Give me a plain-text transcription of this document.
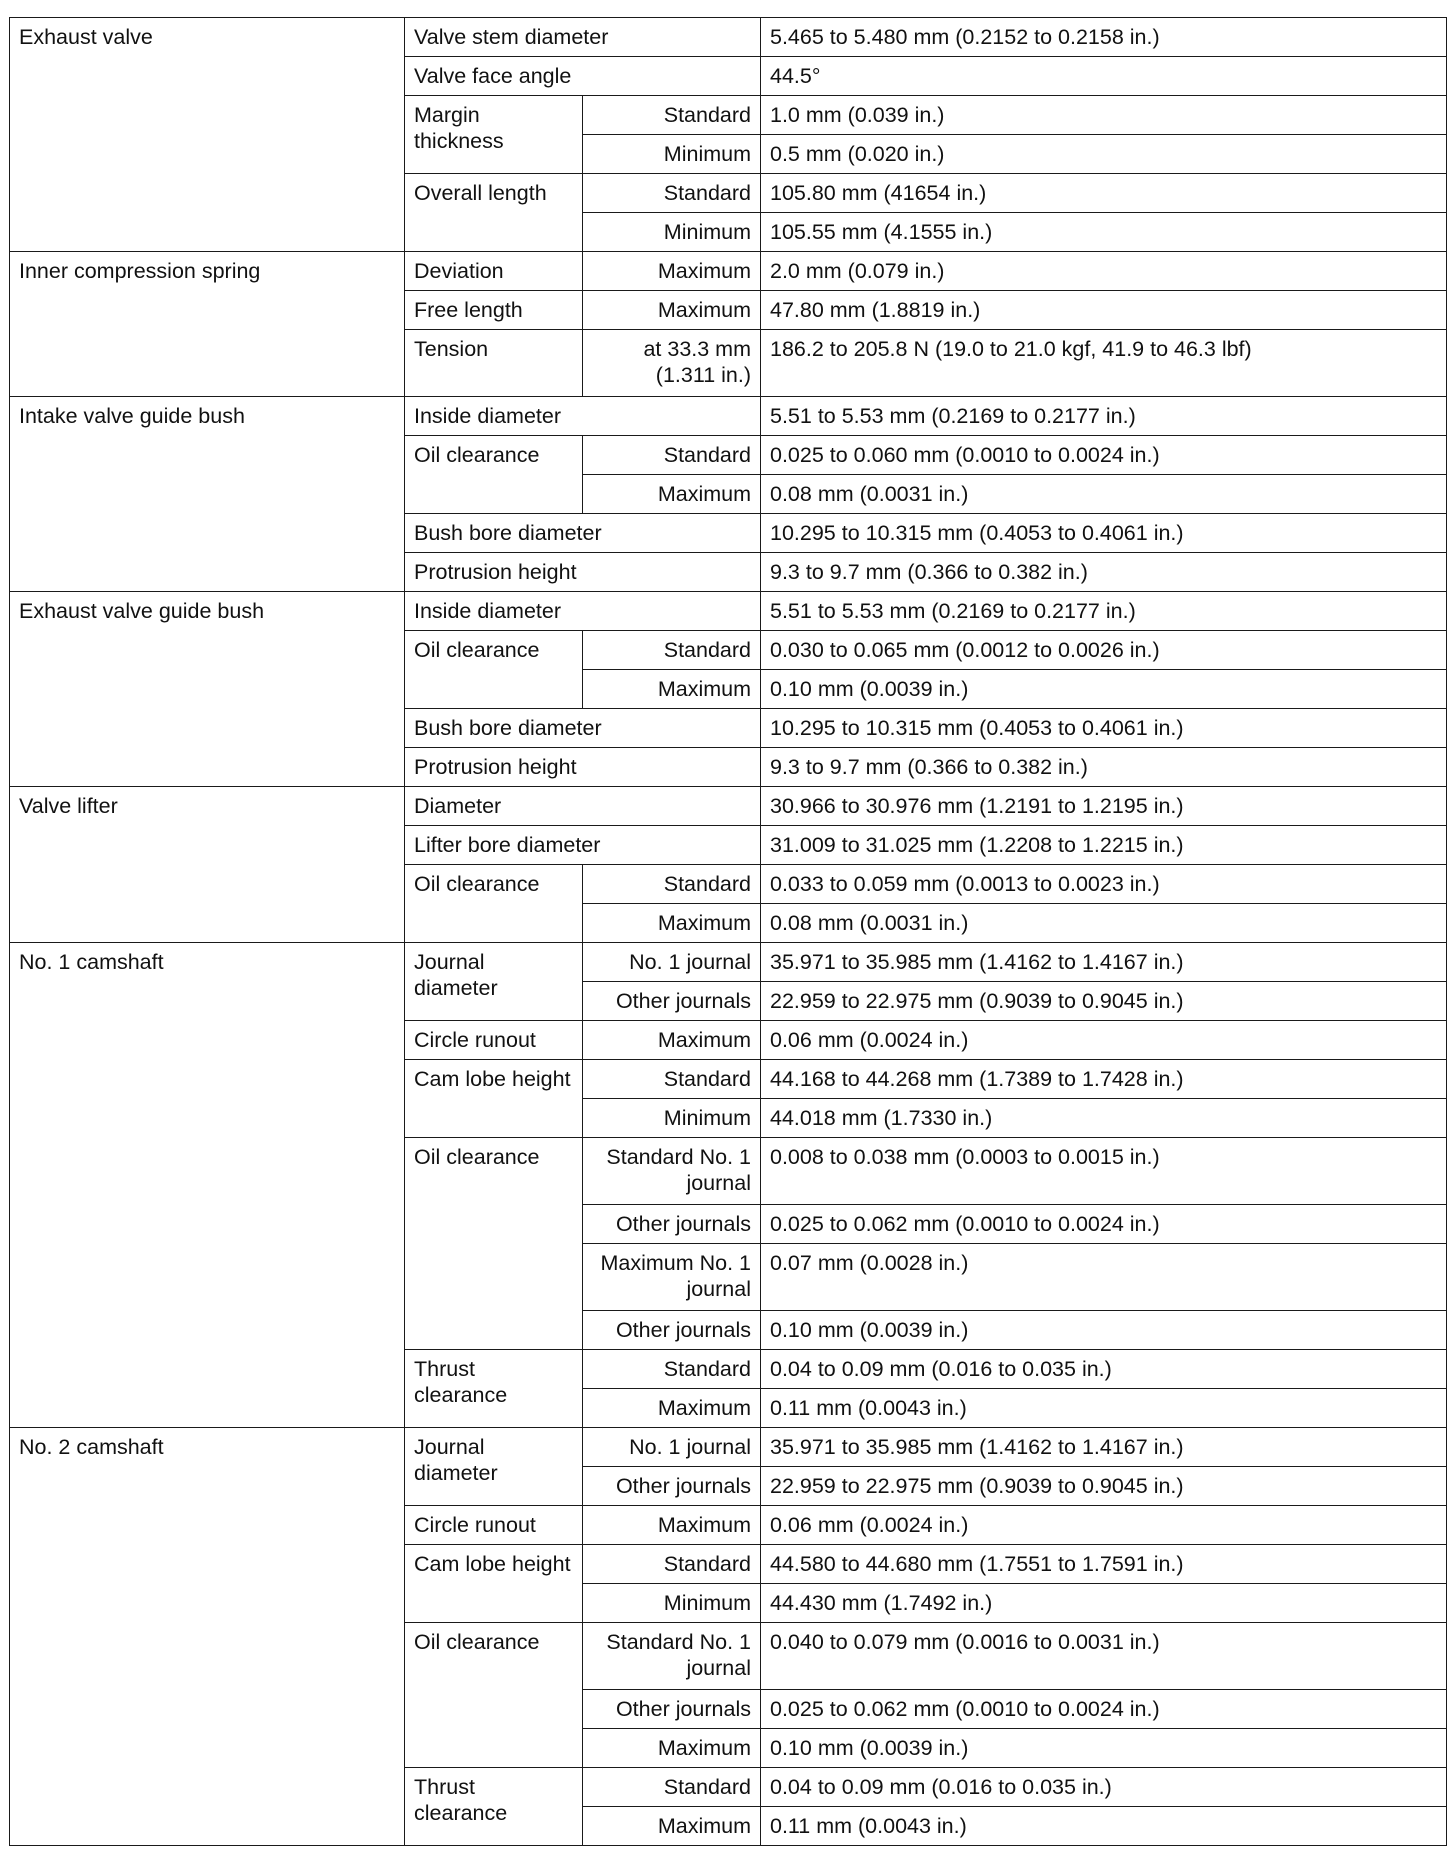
Exhaust valve	Valve stem diameter		5.465 to 5.480 mm (0.2152 to 0.2158 in.)
	Valve face angle		44.5°
	Margin thickness	Standard	1.0 mm (0.039 in.)
		Minimum	0.5 mm (0.020 in.)
	Overall length	Standard	105.80 mm (41654 in.)
		Minimum	105.55 mm (4.1555 in.)
Inner compression spring	Deviation	Maximum	2.0 mm (0.079 in.)
	Free length	Maximum	47.80 mm (1.8819 in.)
	Tension	at 33.3 mm (1.311 in.)	186.2 to 205.8 N (19.0 to 21.0 kgf, 41.9 to 46.3 lbf)
Intake valve guide bush	Inside diameter		5.51 to 5.53 mm (0.2169 to 0.2177 in.)
	Oil clearance	Standard	0.025 to 0.060 mm (0.0010 to 0.0024 in.)
		Maximum	0.08 mm (0.0031 in.)
	Bush bore diameter		10.295 to 10.315 mm (0.4053 to 0.4061 in.)
	Protrusion height		9.3 to 9.7 mm (0.366 to 0.382 in.)
Exhaust valve guide bush	Inside diameter		5.51 to 5.53 mm (0.2169 to 0.2177 in.)
	Oil clearance	Standard	0.030 to 0.065 mm (0.0012 to 0.0026 in.)
		Maximum	0.10 mm (0.0039 in.)
	Bush bore diameter		10.295 to 10.315 mm (0.4053 to 0.4061 in.)
	Protrusion height		9.3 to 9.7 mm (0.366 to 0.382 in.)
Valve lifter	Diameter		30.966 to 30.976 mm (1.2191 to 1.2195 in.)
	Lifter bore diameter		31.009 to 31.025 mm (1.2208 to 1.2215 in.)
	Oil clearance	Standard	0.033 to 0.059 mm (0.0013 to 0.0023 in.)
		Maximum	0.08 mm (0.0031 in.)
No. 1 camshaft	Journal diameter	No. 1 journal	35.971 to 35.985 mm (1.4162 to 1.4167 in.)
		Other journals	22.959 to 22.975 mm (0.9039 to 0.9045 in.)
	Circle runout	Maximum	0.06 mm (0.0024 in.)
	Cam lobe height	Standard	44.168 to 44.268 mm (1.7389 to 1.7428 in.)
		Minimum	44.018 mm (1.7330 in.)
	Oil clearance	Standard No. 1 journal	0.008 to 0.038 mm (0.0003 to 0.0015 in.)
		Other journals	0.025 to 0.062 mm (0.0010 to 0.0024 in.)
		Maximum No. 1 journal	0.07 mm (0.0028 in.)
		Other journals	0.10 mm (0.0039 in.)
	Thrust clearance	Standard	0.04 to 0.09 mm (0.016 to 0.035 in.)
		Maximum	0.11 mm (0.0043 in.)
No. 2 camshaft	Journal diameter	No. 1 journal	35.971 to 35.985 mm (1.4162 to 1.4167 in.)
		Other journals	22.959 to 22.975 mm (0.9039 to 0.9045 in.)
	Circle runout	Maximum	0.06 mm (0.0024 in.)
	Cam lobe height	Standard	44.580 to 44.680 mm (1.7551 to 1.7591 in.)
		Minimum	44.430 mm (1.7492 in.)
	Oil clearance	Standard No. 1 journal	0.040 to 0.079 mm (0.0016 to 0.0031 in.)
		Other journals	0.025 to 0.062 mm (0.0010 to 0.0024 in.)
		Maximum	0.10 mm (0.0039 in.)
	Thrust clearance	Standard	0.04 to 0.09 mm (0.016 to 0.035 in.)
		Maximum	0.11 mm (0.0043 in.)
